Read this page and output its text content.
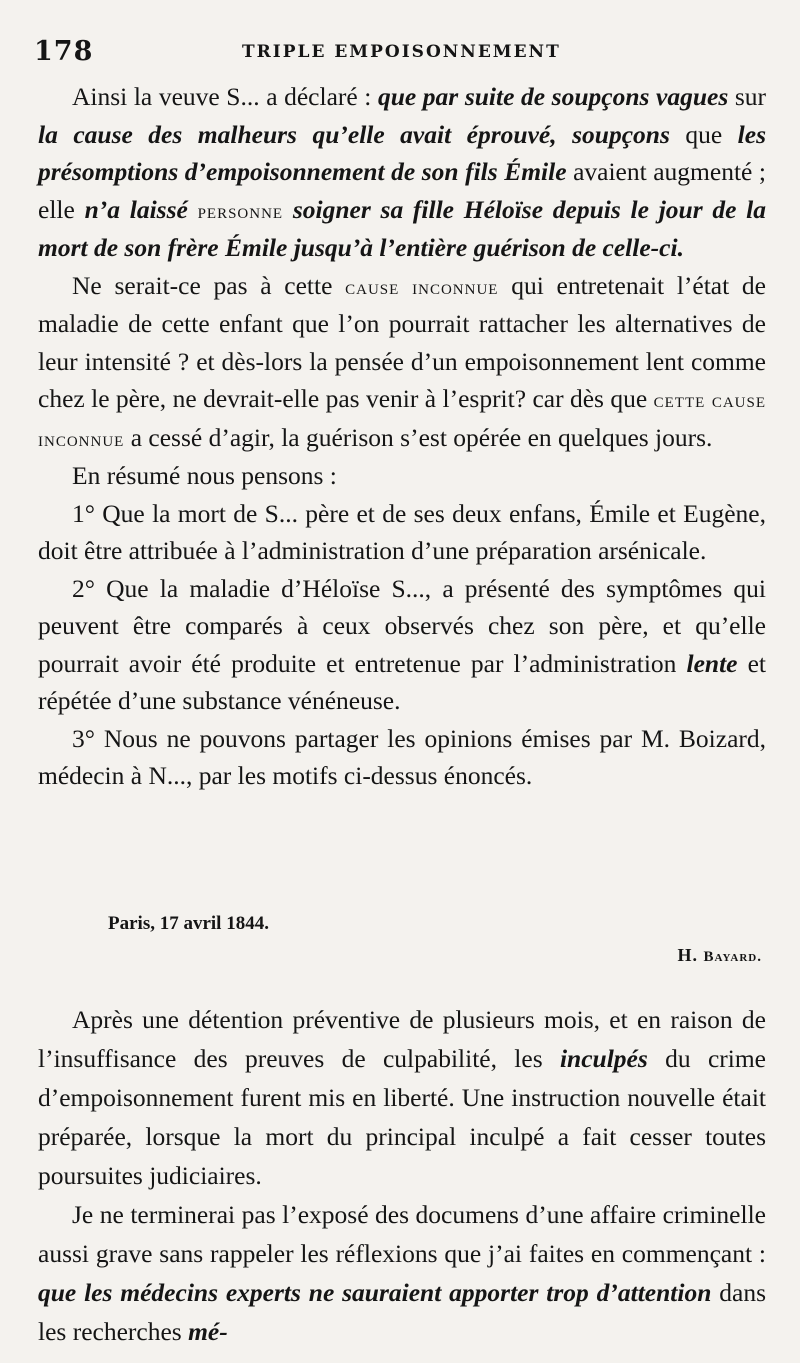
178	TRIPLE EMPOISONNEMENT

Ainsi la veuve S... a déclaré : que par suite de soupçons vagues sur la cause des malheurs qu’elle avait éprouvé, soupçons que les présomptions d’empoisonnement de son fils Émile avaient augmenté ; elle n’a laissé personne soigner sa fille Héloïse depuis le jour de la mort de son frère Émile jusqu’à l’entière guérison de celle-ci.

Ne serait-ce pas à cette cause inconnue qui entretenait l’état de maladie de cette enfant que l’on pourrait rattacher les alternatives de leur intensité ? et dès-lors la pensée d’un empoisonnement lent comme chez le père, ne devrait-elle pas venir à l’esprit? car dès que cette cause inconnue a cessé d’agir, la guérison s’est opérée en quelques jours.

En résumé nous pensons :

1° Que la mort de S... père et de ses deux enfans, Émile et Eugène, doit être attribuée à l’administration d’une préparation arsénicale.

2° Que la maladie d’Héloïse S..., a présenté des symptômes qui peuvent être comparés à ceux observés chez son père, et qu’elle pourrait avoir été produite et entretenue par l’administration lente et répétée d’une substance vénéneuse.

3° Nous ne pouvons partager les opinions émises par M. Boizard, médecin à N..., par les motifs ci-dessus énoncés.

Paris, 17 avril 1844.
H. Bayard.

Après une détention préventive de plusieurs mois, et en raison de l’insuffisance des preuves de culpabilité, les inculpés du crime d’empoisonnement furent mis en liberté. Une instruction nouvelle était préparée, lorsque la mort du principal inculpé a fait cesser toutes poursuites judiciaires.

Je ne terminerai pas l’exposé des documens d’une affaire criminelle aussi grave sans rappeler les réflexions que j’ai faites en commençant : que les médecins experts ne sauraient apporter trop d’attention dans les recherches mé-
